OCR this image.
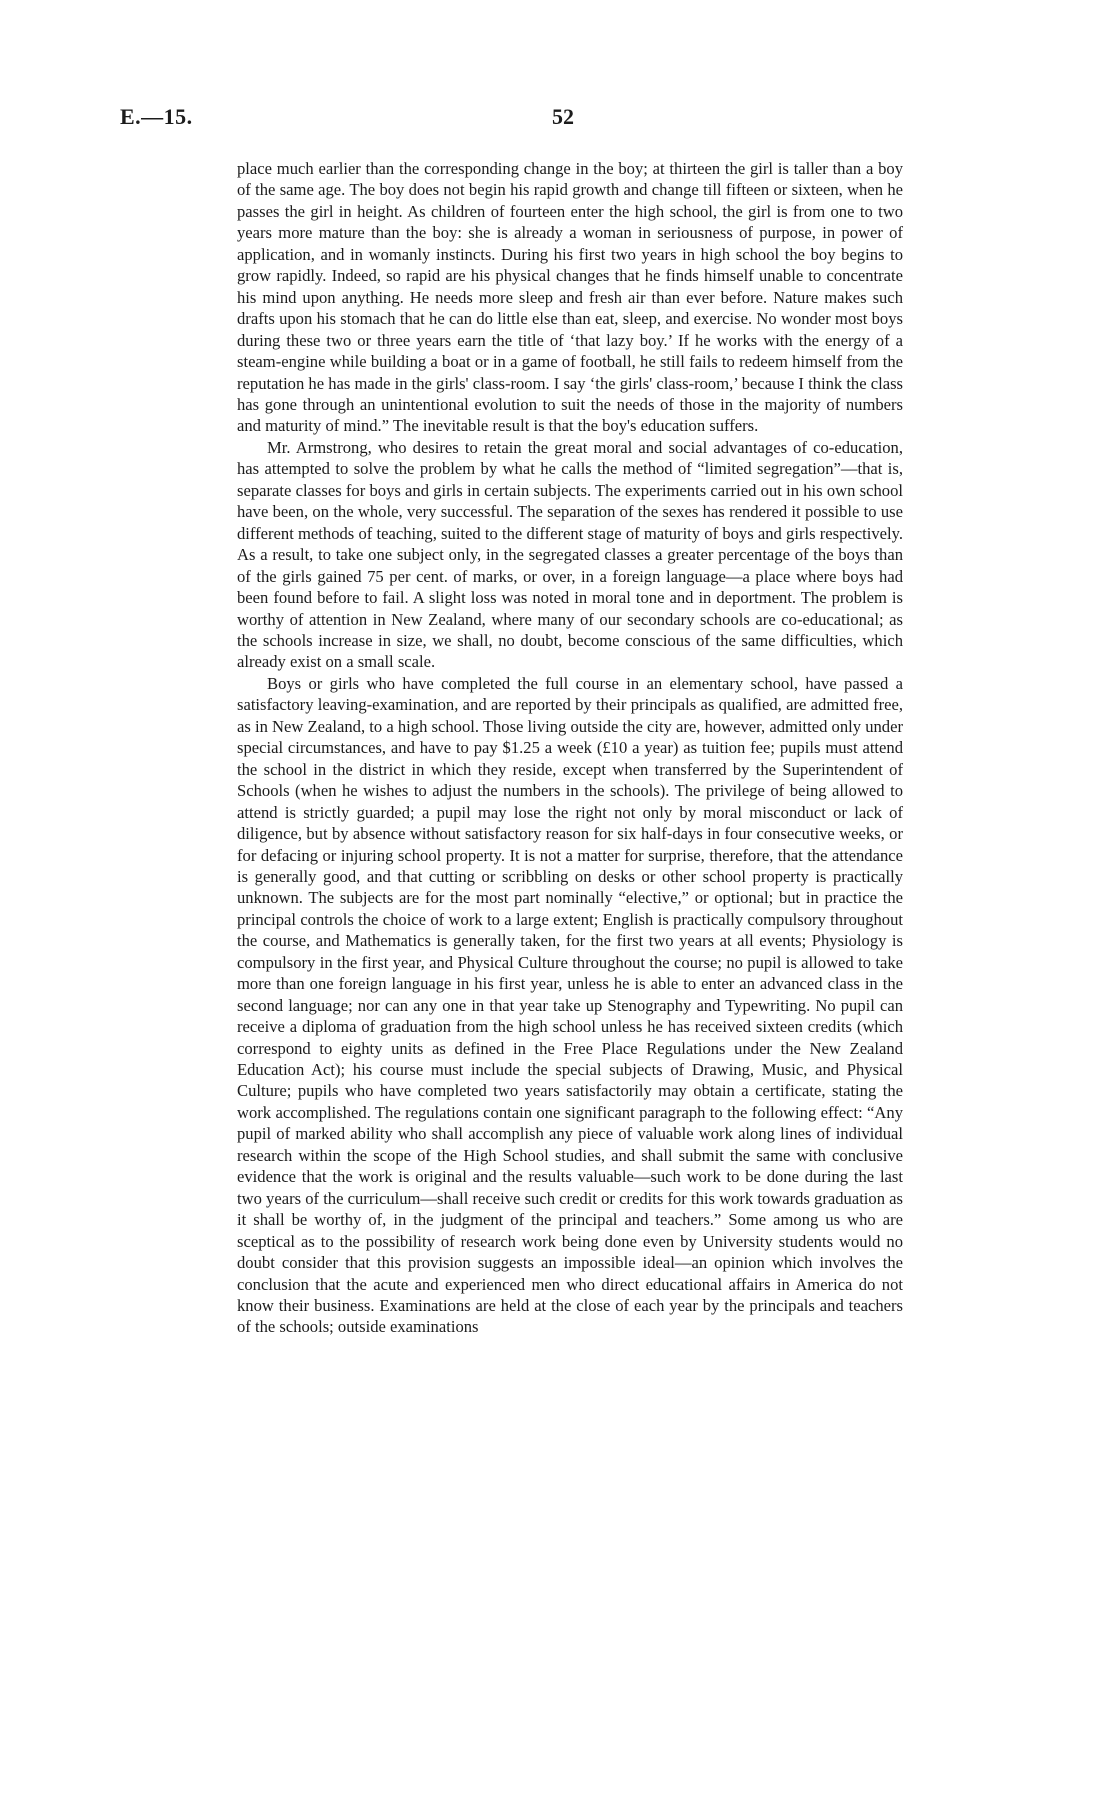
E.—15.	52

place much earlier than the corresponding change in the boy; at thirteen the girl is taller than a boy of the same age. The boy does not begin his rapid growth and change till fifteen or sixteen, when he passes the girl in height. As children of fourteen enter the high school, the girl is from one to two years more mature than the boy: she is already a woman in seriousness of purpose, in power of application, and in womanly instincts. During his first two years in high school the boy begins to grow rapidly. Indeed, so rapid are his physical changes that he finds himself unable to concentrate his mind upon anything. He needs more sleep and fresh air than ever before. Nature makes such drafts upon his stomach that he can do little else than eat, sleep, and exercise. No wonder most boys during these two or three years earn the title of ‘that lazy boy.’ If he works with the energy of a steam-engine while building a boat or in a game of football, he still fails to redeem himself from the reputation he has made in the girls' class-room. I say ‘the girls' class-room,’ because I think the class has gone through an unintentional evolution to suit the needs of those in the majority of numbers and maturity of mind.” The inevitable result is that the boy's education suffers.

Mr. Armstrong, who desires to retain the great moral and social advantages of co-education, has attempted to solve the problem by what he calls the method of “limited segregation”—that is, separate classes for boys and girls in certain subjects. The experiments carried out in his own school have been, on the whole, very successful. The separation of the sexes has rendered it possible to use different methods of teaching, suited to the different stage of maturity of boys and girls respectively. As a result, to take one subject only, in the segregated classes a greater percentage of the boys than of the girls gained 75 per cent. of marks, or over, in a foreign language—a place where boys had been found before to fail. A slight loss was noted in moral tone and in deportment. The problem is worthy of attention in New Zealand, where many of our secondary schools are co-educational; as the schools increase in size, we shall, no doubt, become conscious of the same difficulties, which already exist on a small scale.

Boys or girls who have completed the full course in an elementary school, have passed a satisfactory leaving-examination, and are reported by their principals as qualified, are admitted free, as in New Zealand, to a high school. Those living outside the city are, however, admitted only under special circumstances, and have to pay $1.25 a week (£10 a year) as tuition fee; pupils must attend the school in the district in which they reside, except when transferred by the Superintendent of Schools (when he wishes to adjust the numbers in the schools). The privilege of being allowed to attend is strictly guarded; a pupil may lose the right not only by moral misconduct or lack of diligence, but by absence without satisfactory reason for six half-days in four consecutive weeks, or for defacing or injuring school property. It is not a matter for surprise, therefore, that the attendance is generally good, and that cutting or scribbling on desks or other school property is practically unknown. The subjects are for the most part nominally “elective,” or optional; but in practice the principal controls the choice of work to a large extent; English is practically compulsory throughout the course, and Mathematics is generally taken, for the first two years at all events; Physiology is compulsory in the first year, and Physical Culture throughout the course; no pupil is allowed to take more than one foreign language in his first year, unless he is able to enter an advanced class in the second language; nor can any one in that year take up Stenography and Typewriting. No pupil can receive a diploma of graduation from the high school unless he has received sixteen credits (which correspond to eighty units as defined in the Free Place Regulations under the New Zealand Education Act); his course must include the special subjects of Drawing, Music, and Physical Culture; pupils who have completed two years satisfactorily may obtain a certificate, stating the work accomplished. The regulations contain one significant paragraph to the following effect: “Any pupil of marked ability who shall accomplish any piece of valuable work along lines of individual research within the scope of the High School studies, and shall submit the same with conclusive evidence that the work is original and the results valuable—such work to be done during the last two years of the curriculum—shall receive such credit or credits for this work towards graduation as it shall be worthy of, in the judgment of the principal and teachers.” Some among us who are sceptical as to the possibility of research work being done even by University students would no doubt consider that this provision suggests an impossible ideal—an opinion which involves the conclusion that the acute and experienced men who direct educational affairs in America do not know their business. Examinations are held at the close of each year by the principals and teachers of the schools; outside examinations
